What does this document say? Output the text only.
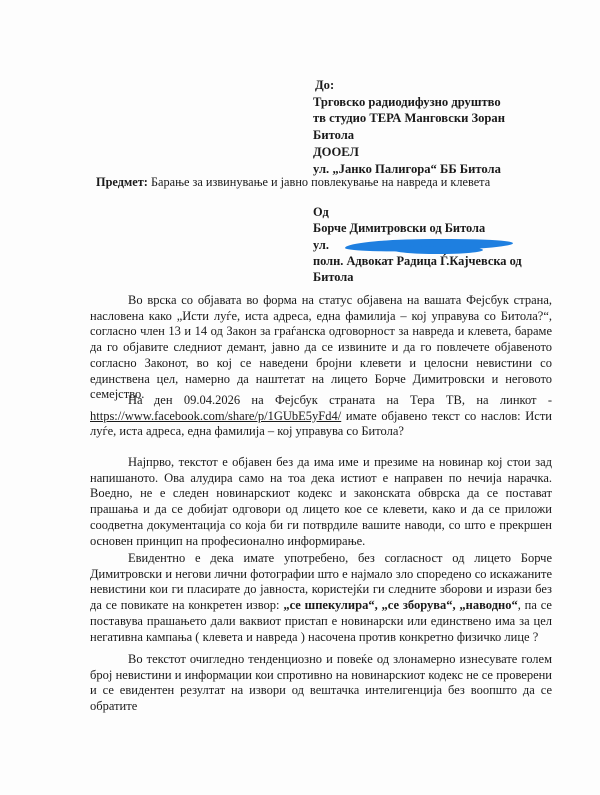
До:
Трговско радиодифузно друштво
тв студио ТЕРА Манговски Зоран
Битола
ДООЕЛ
ул. „Јанко Палигора“ ББ Битола
Предмет: Барање за извинување и јавно повлекување на навреда и клевета
Од
Борче Димитровски од Битола
ул.

полн. Адвокат Радица Ѓ.Кајчевска од
Битола
Во врска со објавата во форма на статус објавена на вашата Фејсбук страна, насловена како „Исти луѓе, иста адреса, една фамилија – кој управува со Битола?“, согласно член 13 и 14 од Закон за граѓанска одговорност за навреда и клевета, бараме да го објавите следниот демант, јавно да се извините и да го повлечете објавеното согласно Законот, во кој се наведени бројни клевети и целосни невистини со единствена цел, намерно да наштетат на лицето Борче Димитровски и неговото семејство.
На ден 09.04.2026 на Фејсбук страната на Тера ТВ, на линкот - https://www.facebook.com/share/p/1GUbE5yFd4/ имате објавено текст со наслов: Исти луѓе, иста адреса, една фамилија – кој управува со Битола?
Најпрво, текстот е објавен без да има име и презиме на новинар кој стои зад напишаното. Ова алудира само на тоа дека истиот е направен по нечија нарачка. Воедно, не е следен новинарскиот кодекс и законската обврска да се постават прашања и да се добијат одговори од лицето кое се клевети, како и да се приложи соодветна документација со која би ги потврдиле вашите наводи, со што е прекршен основен принцип на професионално информирање.
Евидентно е дека имате употребено, без согласност од лицето Борче Димитровски и негови лични фотографии што е најмало зло споредено со искажаните невистини кои ги пласирате до јавноста, користејќи ги следните зборови и изрази без да се повикате на конкретен извор: „се шпекулира“, „се зборува“, „наводно“, па се поставува прашањето дали ваквиот пристап е новинарски или единствено има за цел негативна кампања ( клевета и навреда ) насочена против конкретно физичко лице ?
Во текстот очигледно тенденциозно и повеќе од злонамерно изнесувате голем број невистини и информации кои спротивно на новинарскиот кодекс не се проверени и се евидентен резултат на извори од вештачка интелигенција без воопшто да се обратите
